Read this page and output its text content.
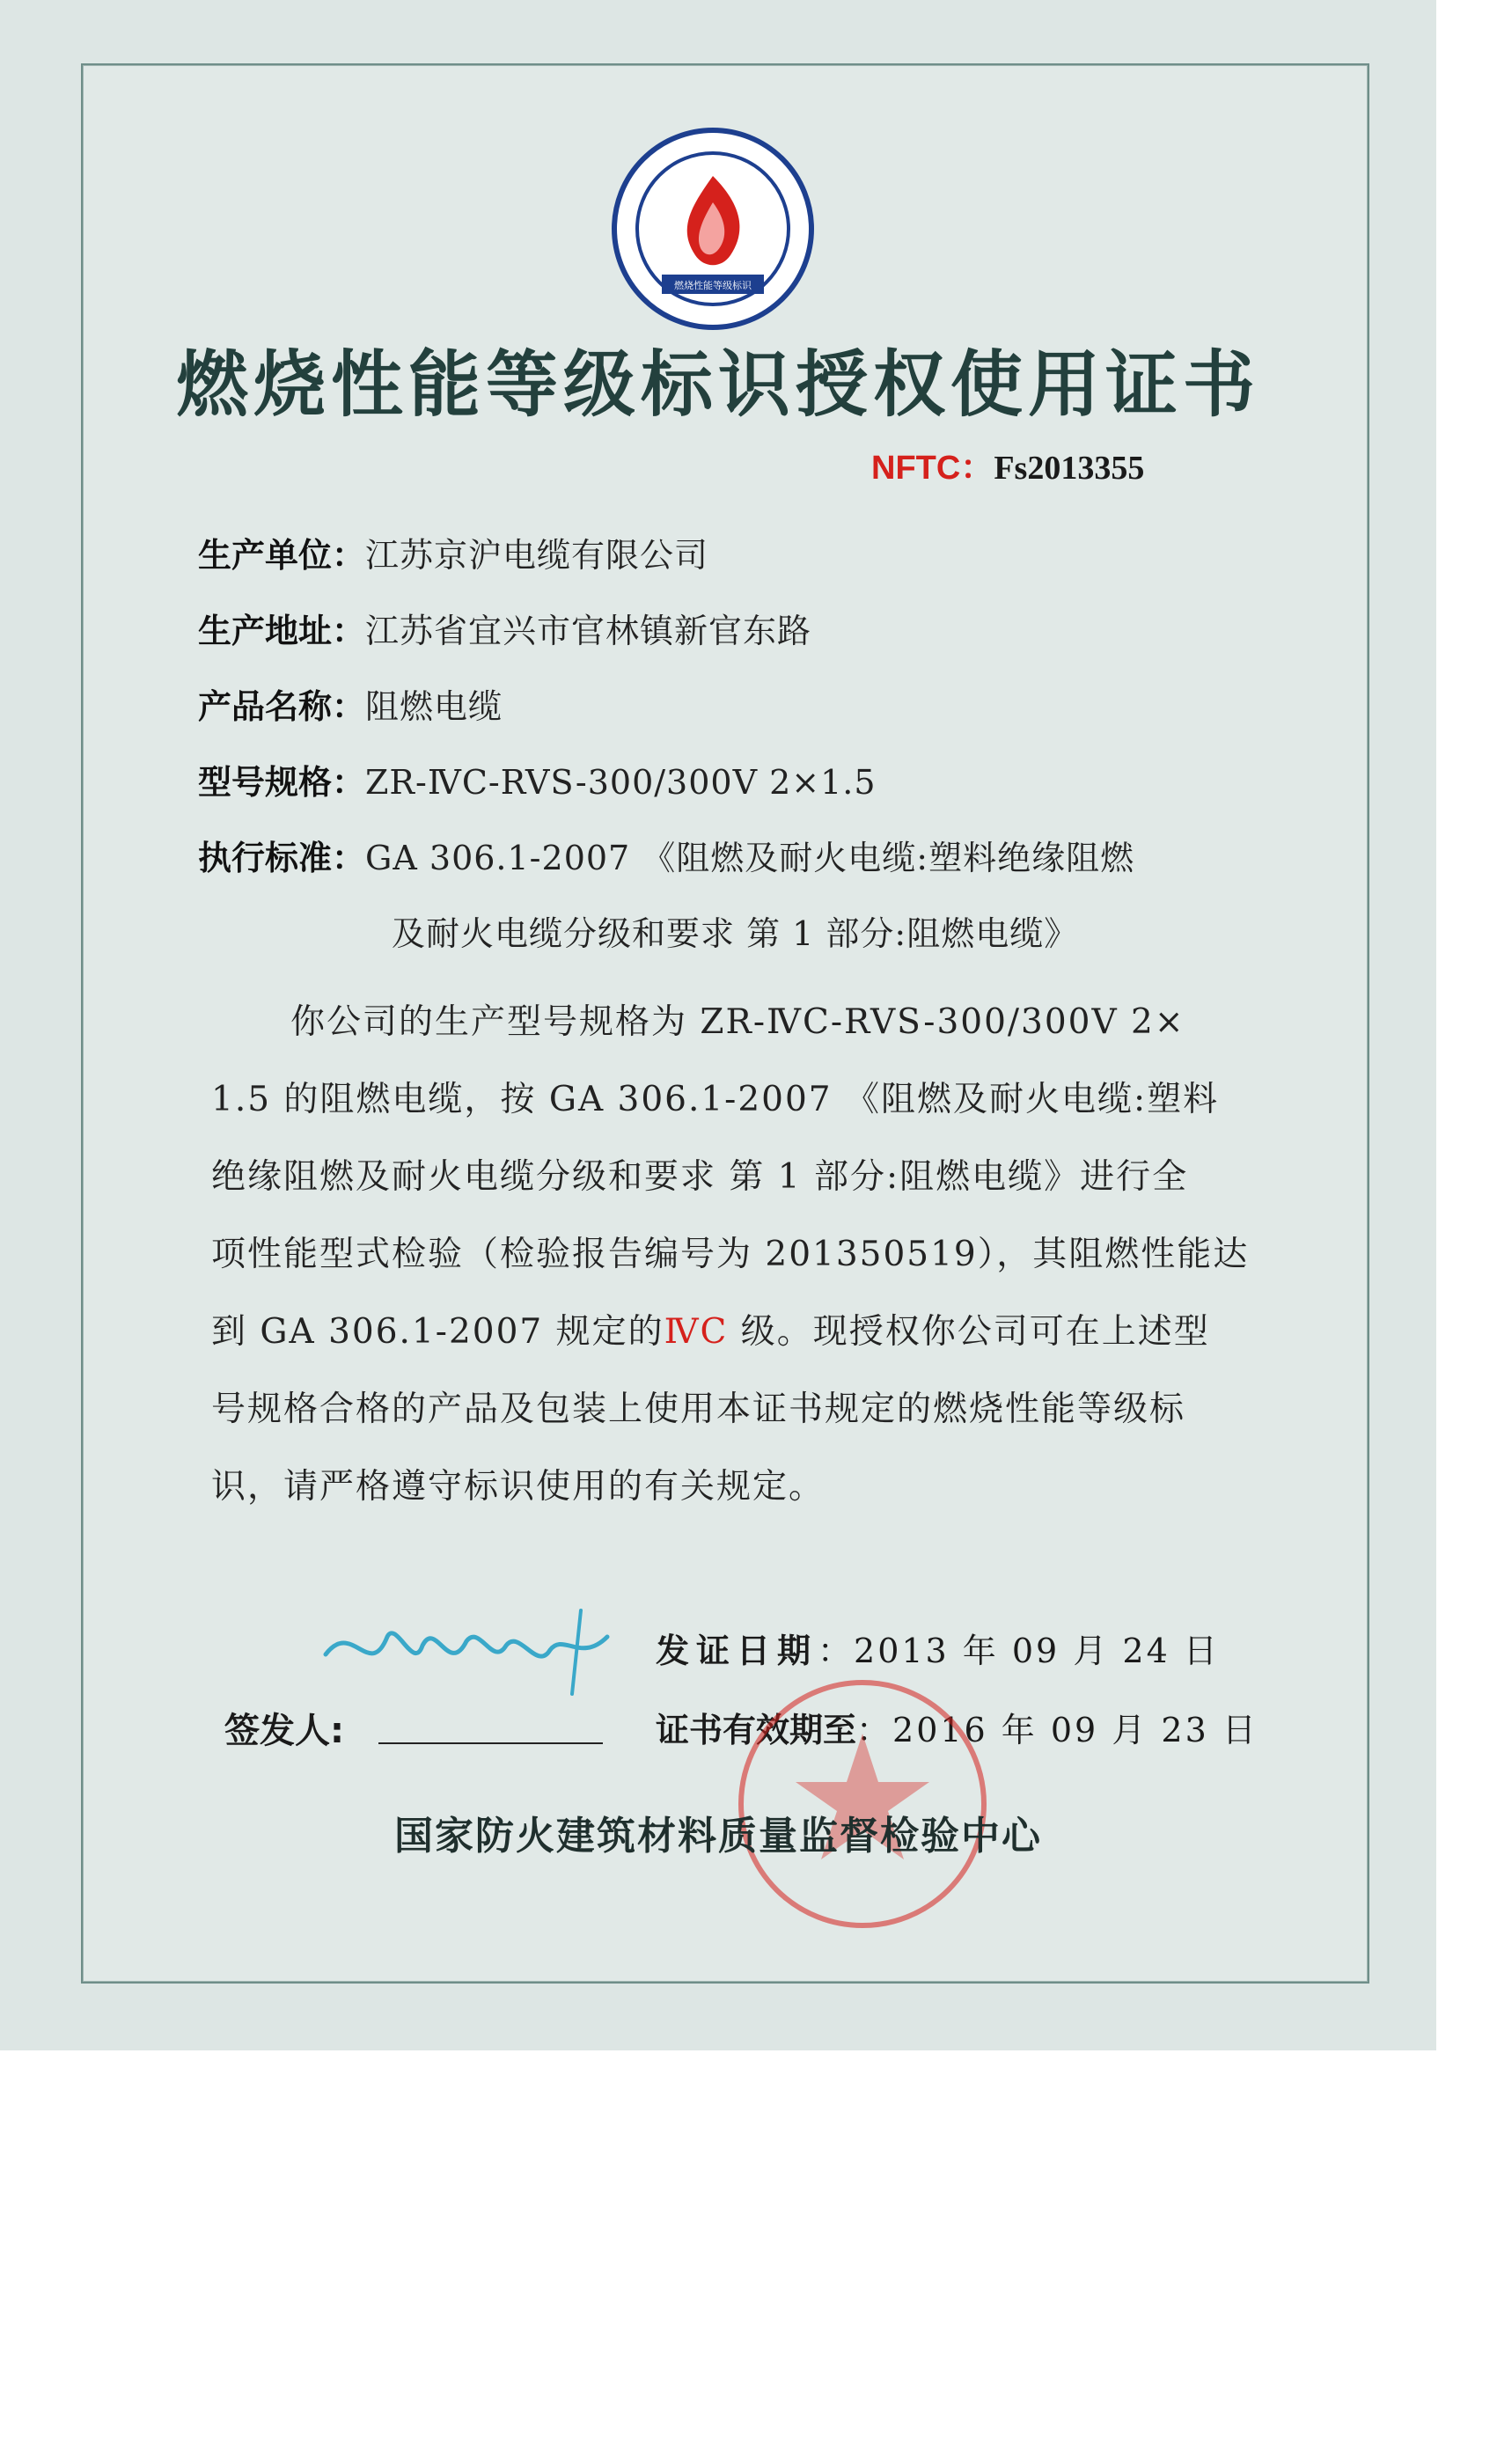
燃烧性能等级标识
燃烧性能等级标识授权使用证书
NFTC：Fs2013355
生产单位：江苏京沪电缆有限公司
生产地址：江苏省宜兴市官林镇新官东路
产品名称：阻燃电缆
型号规格：ZR-ⅣC-RVS-300/300V 2×1.5
执行标准：GA 306.1-2007 《阻燃及耐火电缆:塑料绝缘阻燃
及耐火电缆分级和要求 第 1 部分:阻燃电缆》
你公司的生产型号规格为 ZR-ⅣC-RVS-300/300V 2×
1.5 的阻燃电缆，按 GA 306.1-2007 《阻燃及耐火电缆:塑料
绝缘阻燃及耐火电缆分级和要求 第 1 部分:阻燃电缆》进行全
项性能型式检验（检验报告编号为 201350519），其阻燃性能达
到 GA 306.1-2007 规定的ⅣC 级。现授权你公司可在上述型
号规格合格的产品及包装上使用本证书规定的燃烧性能等级标
识，请严格遵守标识使用的有关规定。
签发人:
发证日期：2013 年 09 月 24 日
证书有效期至：2016 年 09 月 23 日
国家防火建筑材料质量监督检验中心
